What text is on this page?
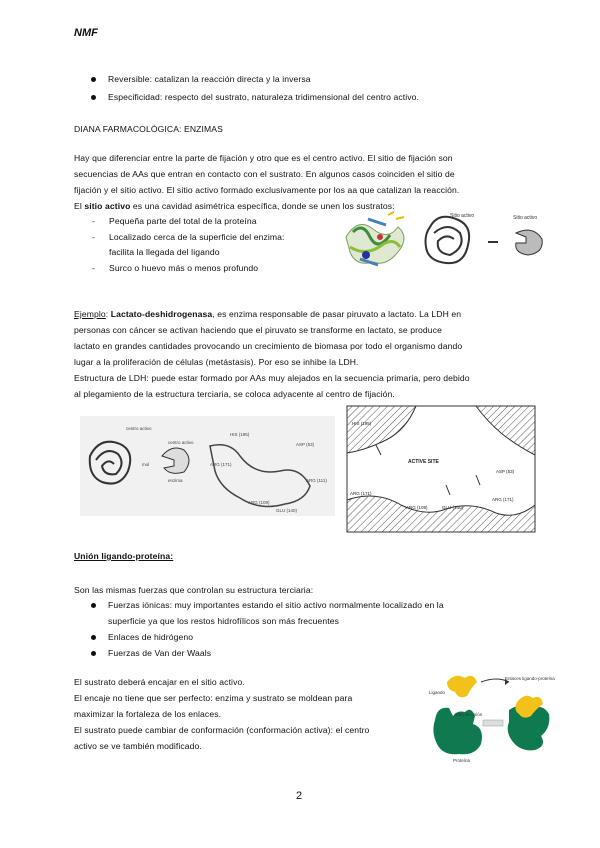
NMF
Reversible: catalizan la reacción directa y la inversa
Especificidad: respecto del sustrato, naturaleza tridimensional del centro activo.
DIANA FARMACOLÓGICA: ENZIMAS
Hay que diferenciar entre la parte de fijación y otro que es el centro activo. El sitio de fijación son
secuencias de AAs que entran en contacto con el sustrato. En algunos casos coinciden el sitio de
fijación y el sitio activo. El sitio activo formado exclusivamente por los aa que catalizan la reacción.
El sitio activo es una cavidad asimétrica específica, donde se unen los sustratos:
- Pequeña parte del total de la proteína
- Localizado cerca de la superficie del enzima:
facilita la llegada del ligando
- Surco o huevo más o menos profundo
Sitio activo	Sitio activo
Ejemplo: Lactato-deshidrogenasa, es enzima responsable de pasar piruvato a lactato. La LDH en
personas con cáncer se activan haciendo que el piruvato se transforme en lactato, se produce
lactato en grandes cantidades provocando un crecimiento de biomasa por todo el organismo dando
lugar a la proliferación de células (metástasis). Por eso se inhibe la LDH.
Estructura de LDH: puede estar formado por AAs muy alejados en la secuencia primaria, pero debido
al plegamiento de la estructura terciaria, se coloca adyacente al centro de fijación.
centro activo
mol
centro activo
enzima
HIS (195)
ASP (53)
ARG (171)
ARG (111)
ARG (109)
GLU (140)
HIS (195)
ACTIVE SITE
ASP (53)
ARG (171)
ARG (109)	GLU (140)
ARG (171)
Unión ligando-proteína:
Son las mismas fuerzas que controlan su estructura terciaria:
Fuerzas iónicas: muy importantes estando el sitio activo normalmente localizado en la
superficie ya que los restos hidrofílicos son más frecuentes
Enlaces de hidrógeno
Fuerzas de Van der Waals
El sustrato deberá encajar en el sitio activo.
El encaje no tiene que ser perfecto: enzima y sustrato se moldean para
maximizar la fortaleza de los enlaces.
El sustrato puede cambiar de conformación (conformación activa): el centro
activo se ve también modificado.
Ligando
Enlaces ligando-proteína
Sitio de unión
Proteína
2
